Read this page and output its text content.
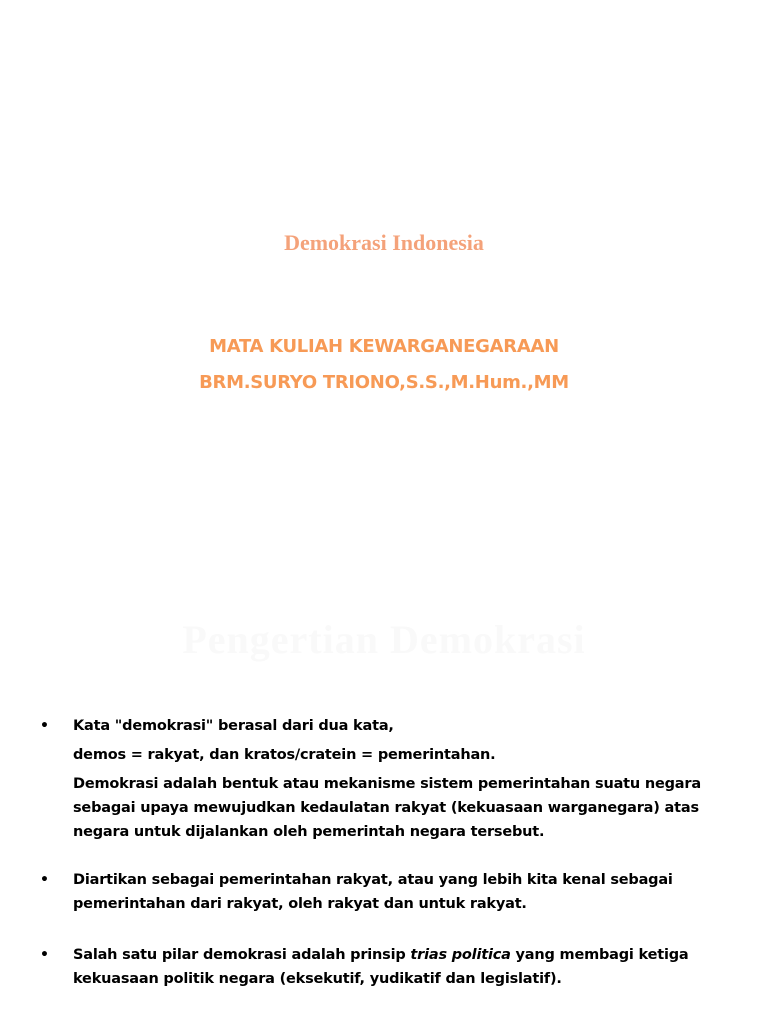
Demokrasi Indonesia
MATA KULIAH KEWARGANEGARAAN
BRM.SURYO TRIONO,S.S.,M.Hum.,MM
Pengertian Demokrasi
• Kata "demokrasi" berasal dari dua kata,

demos = rakyat, dan kratos/cratein = pemerintahan.

Demokrasi adalah bentuk atau mekanisme sistem pemerintahan suatu negara sebagai upaya mewujudkan kedaulatan rakyat (kekuasaan warganegara) atas negara untuk dijalankan oleh pemerintah negara tersebut.

• Diartikan sebagai pemerintahan rakyat, atau yang lebih kita kenal sebagai pemerintahan dari rakyat, oleh rakyat dan untuk rakyat.

• Salah satu pilar demokrasi adalah prinsip trias politica yang membagi ketiga kekuasaan politik negara (eksekutif, yudikatif dan legislatif).
